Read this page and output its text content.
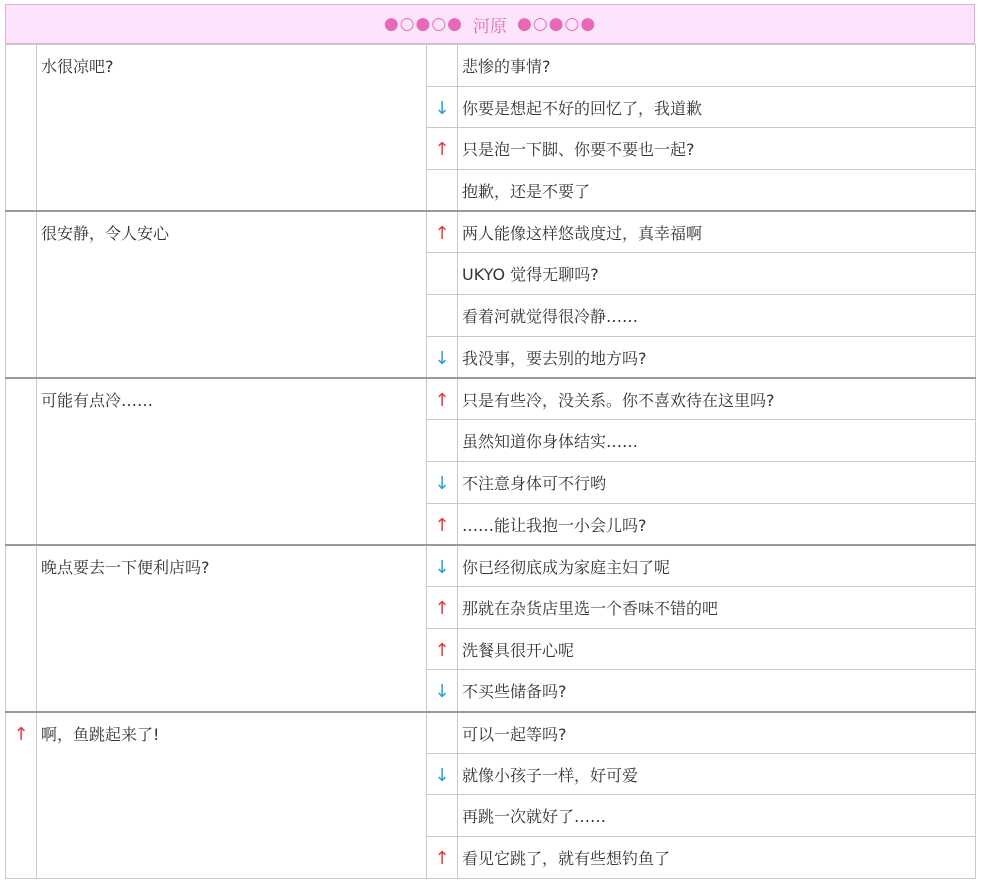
●○●○● 河原 ●○●○●
	水很凉吧?		悲惨的事情?
		↓	你要是想起不好的回忆了，我道歉
		↑	只是泡一下脚、你要不要也一起?
			抱歉，还是不要了
	很安静，令人安心	↑	两人能像这样悠哉度过，真幸福啊
			UKYO 觉得无聊吗?
			看着河就觉得很冷静……
		↓	我没事，要去别的地方吗?
	可能有点冷……	↑	只是有些冷，没关系。你不喜欢待在这里吗?
			虽然知道你身体结实……
		↓	不注意身体可不行哟
		↑	……能让我抱一小会儿吗?
	晚点要去一下便利店吗?	↓	你已经彻底成为家庭主妇了呢
		↑	那就在杂货店里选一个香味不错的吧
		↑	洗餐具很开心呢
		↓	不买些储备吗?
↑	啊，鱼跳起来了!		可以一起等吗?
		↓	就像小孩子一样，好可爱
			再跳一次就好了……
		↑	看见它跳了，就有些想钓鱼了
